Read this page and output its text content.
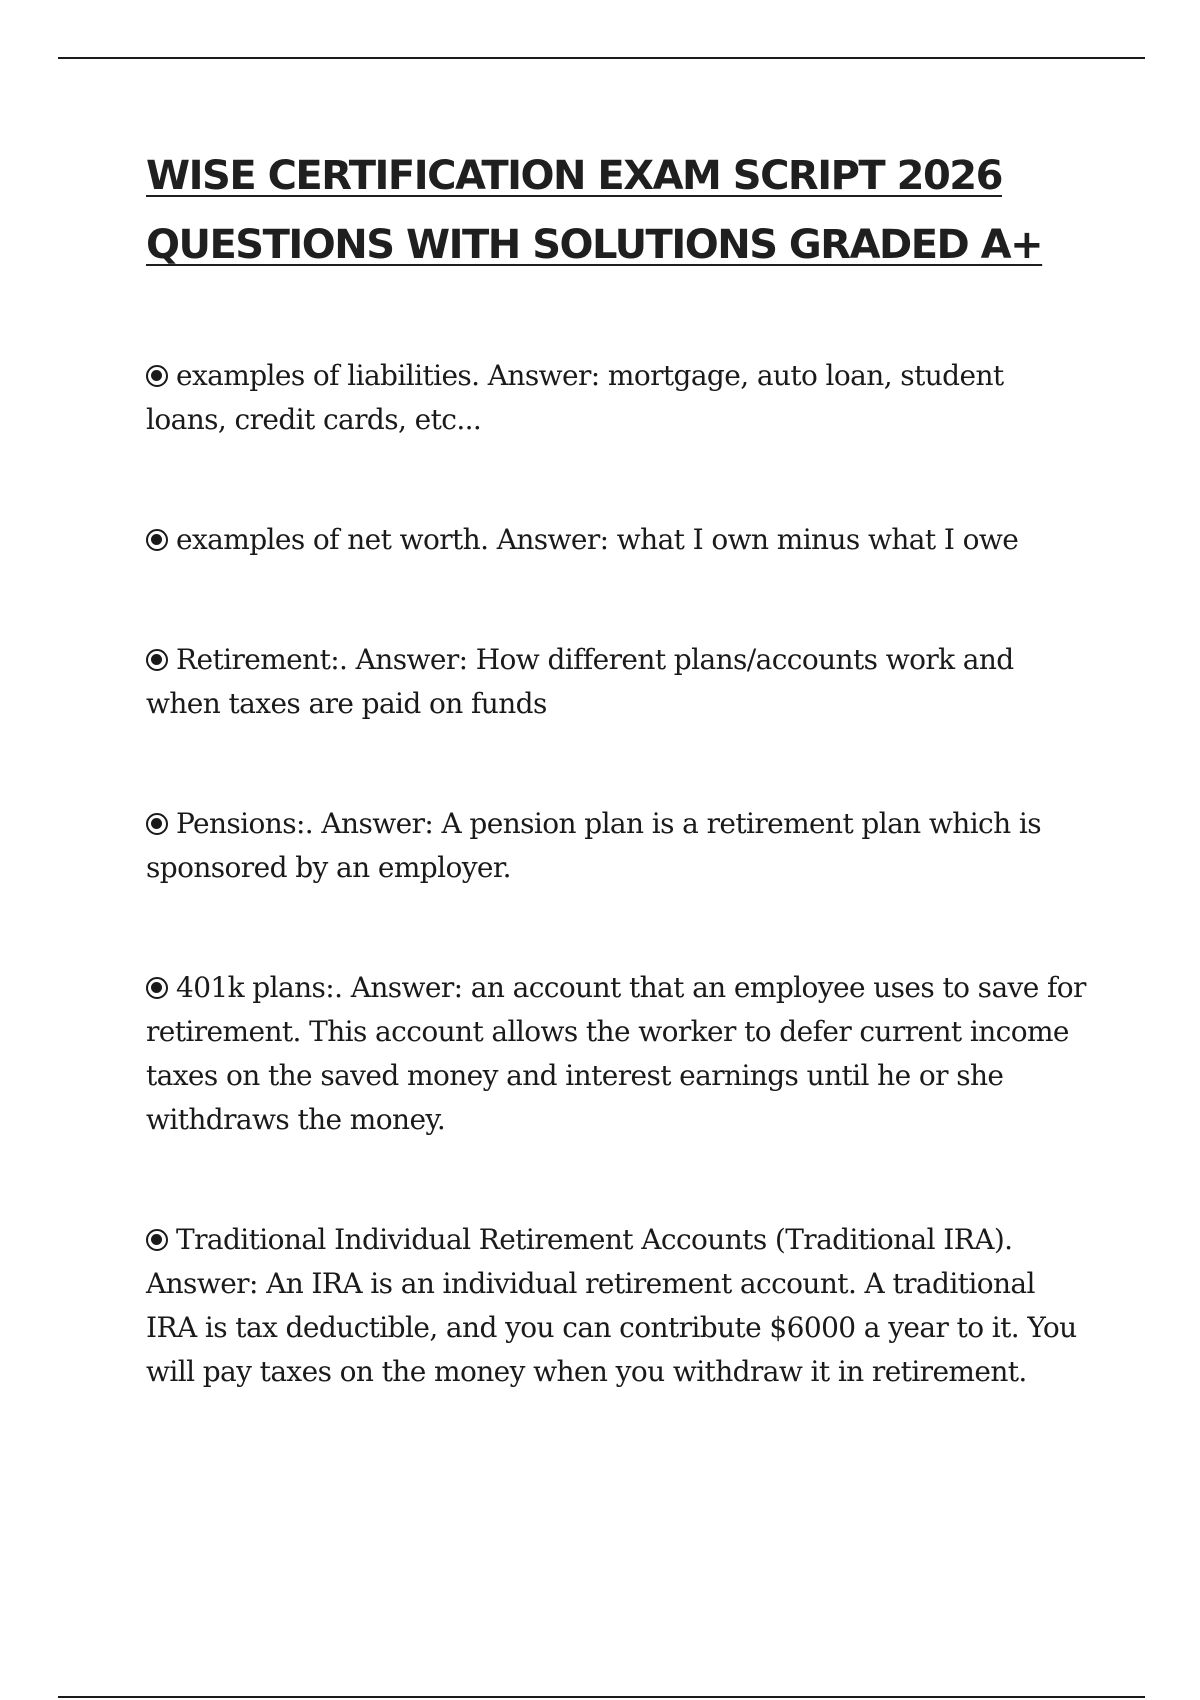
WISE CERTIFICATION EXAM SCRIPT 2026
QUESTIONS WITH SOLUTIONS GRADED A+
examples of liabilities. Answer: mortgage, auto loan, student loans, credit cards, etc...
examples of net worth. Answer: what I own minus what I owe
Retirement:. Answer: How different plans/accounts work and when taxes are paid on funds
Pensions:. Answer: A pension plan is a retirement plan which is sponsored by an employer.
401k plans:. Answer: an account that an employee uses to save for retirement. This account allows the worker to defer current income taxes on the saved money and interest earnings until he or she withdraws the money.
Traditional Individual Retirement Accounts (Traditional IRA). Answer: An IRA is an individual retirement account. A traditional IRA is tax deductible, and you can contribute $6000 a year to it. You will pay taxes on the money when you withdraw it in retirement.
